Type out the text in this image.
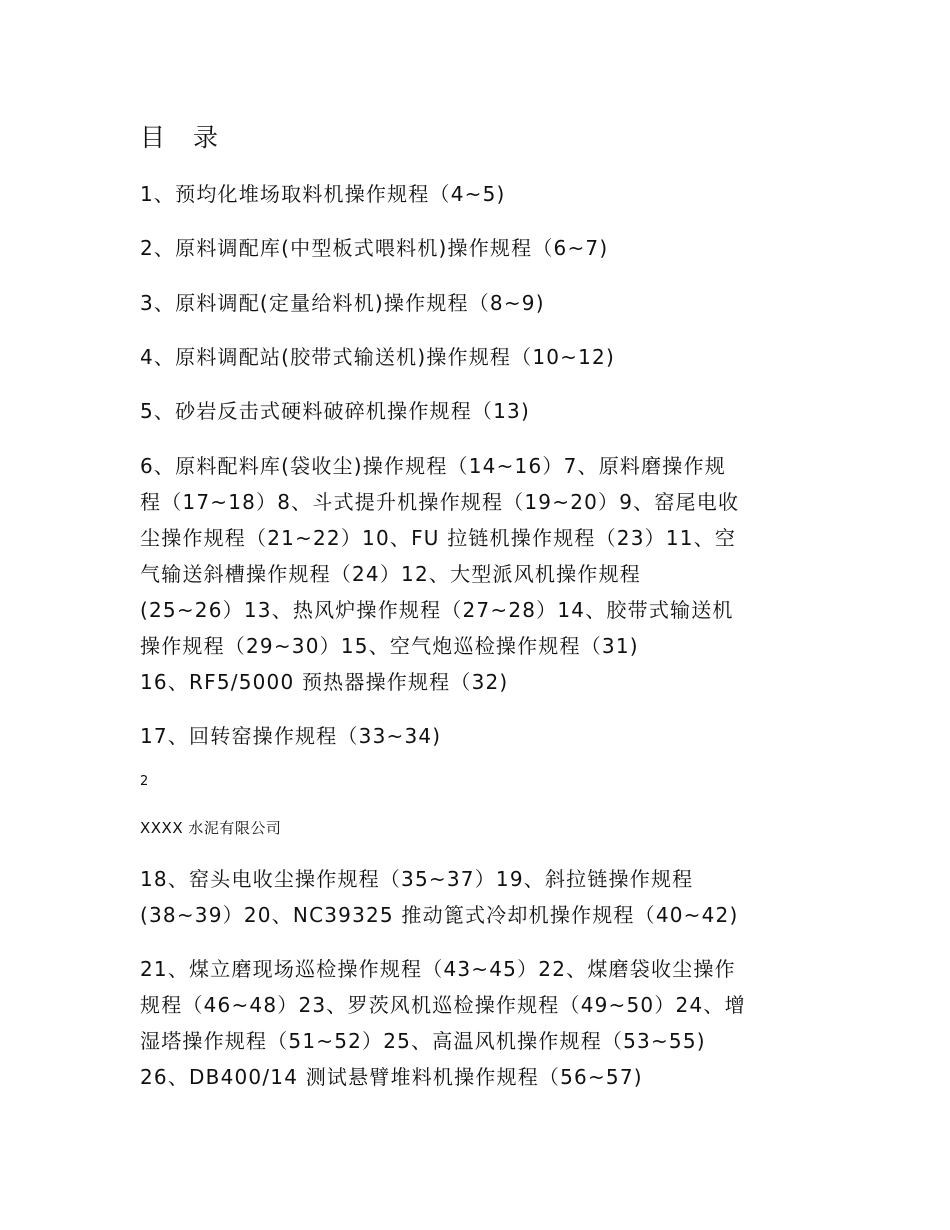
目 录
1、预均化堆场取料机操作规程（4~5)
2、原料调配库(中型板式喂料机)操作规程（6~7)
3、原料调配(定量给料机)操作规程（8~9)
4、原料调配站(胶带式输送机)操作规程（10~12)
5、砂岩反击式硬料破碎机操作规程（13)
6、原料配料库(袋收尘)操作规程（14~16）7、原料磨操作规
程（17~18）8、斗式提升机操作规程（19~20）9、窑尾电收
尘操作规程（21~22）10、FU 拉链机操作规程（23）11、空
气输送斜槽操作规程（24）12、大型派风机操作规程
(25~26）13、热风炉操作规程（27~28）14、胶带式输送机
操作规程（29~30）15、空气炮巡检操作规程（31)
16、RF5/5000 预热器操作规程（32)
17、回转窑操作规程（33~34)
2
XXXX 水泥有限公司
18、窑头电收尘操作规程（35~37）19、斜拉链操作规程
(38~39）20、NC39325 推动篦式冷却机操作规程（40~42)
21、煤立磨现场巡检操作规程（43~45）22、煤磨袋收尘操作
规程（46~48）23、罗茨风机巡检操作规程（49~50）24、增
湿塔操作规程（51~52）25、高温风机操作规程（53~55)
26、DB400/14 测试悬臂堆料机操作规程（56~57)
